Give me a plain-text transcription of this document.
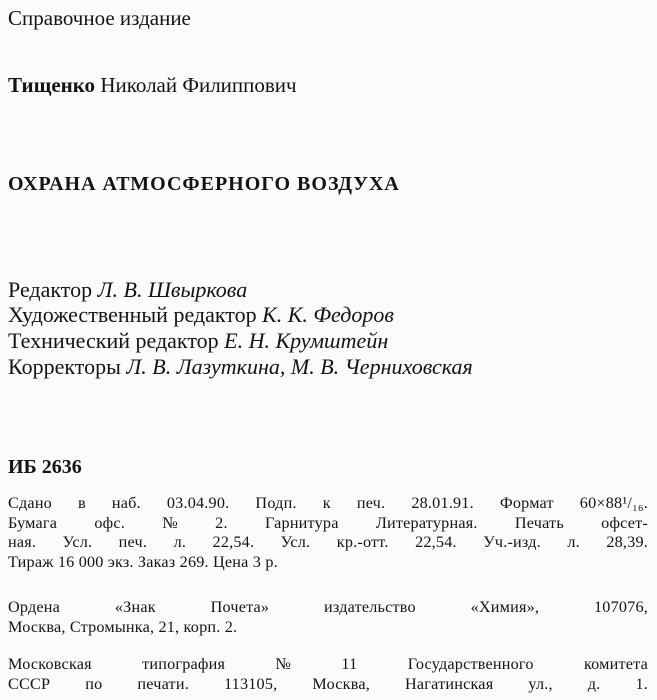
Справочное издание
Тищенко Николай Филиппович
ОХРАНА АТМОСФЕРНОГО ВОЗДУХА
Редактор Л. В. Швыркова
Художественный редактор К. К. Федоров
Технический редактор Е. Н. Крумштейн
Корректоры Л. В. Лазуткина, М. В. Черниховская
ИБ 2636
Сдано в наб. 03.04.90. Подп. к печ. 28.01.91. Формат 60×88¹/₁₆.
Бумага офс. № 2. Гарнитура Литературная. Печать офсет-
ная. Усл. печ. л. 22,54. Усл. кр.-отт. 22,54. Уч.-изд. л. 28,39.
Тираж 16 000 экз. Заказ 269. Цена 3 р.
Ордена «Знак Почета» издательство «Химия», 107076,
Москва, Стромынка, 21, корп. 2.
Московская типография № 11 Государственного комитета
СССР по печати. 113105, Москва, Нагатинская ул., д. 1.
